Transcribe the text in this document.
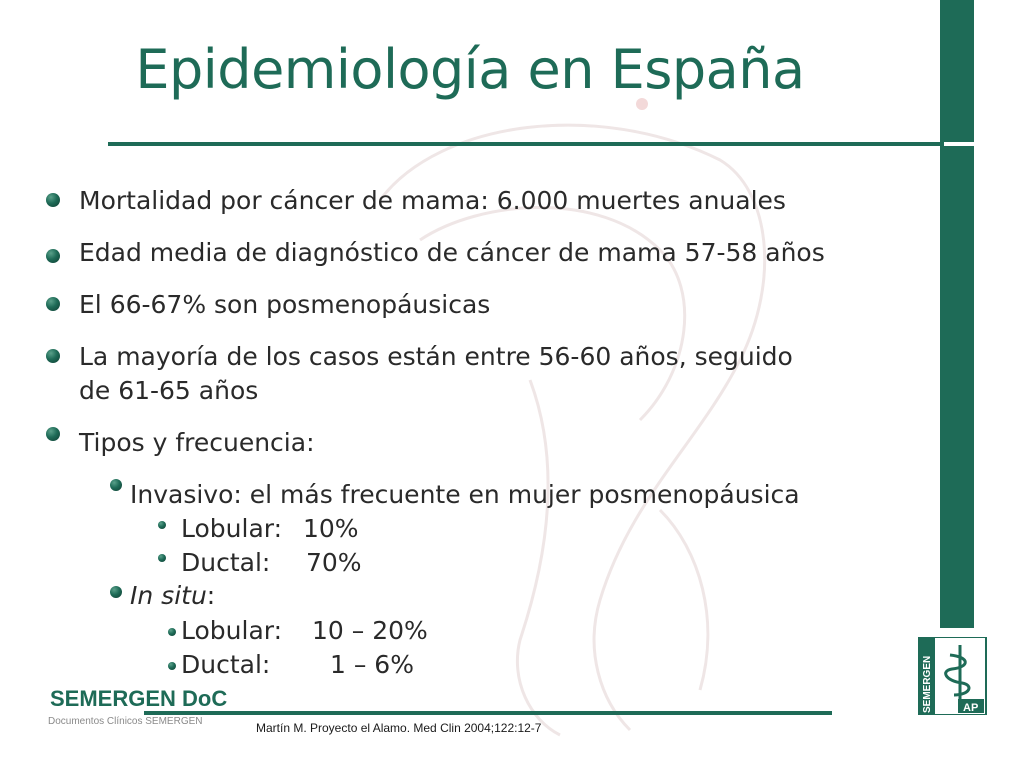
Epidemiología en España
Mortalidad por cáncer de mama: 6.000 muertes anuales
Edad media de diagnóstico de cáncer de mama 57-58 años
El 66-67% son posmenopáusicas
La mayoría de los casos están entre 56-60 años, seguido
de 61-65 años
Tipos y frecuencia:
Invasivo: el más frecuente en mujer posmenopáusica
Lobular: 10%
Ductal: 70%
In situ:
Lobular: 10 – 20%
Ductal: 1 – 6%
SEMERGEN DoC
Documentos Clínicos SEMERGEN	Martín M. Proyecto el Alamo. Med Clin 2004;122:12-7
SEMERGEN	AP
